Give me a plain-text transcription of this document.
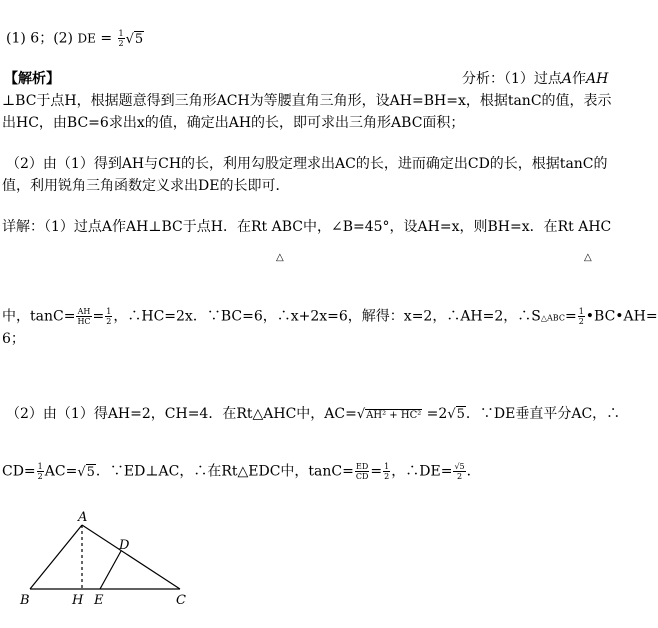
(1) 6；(2) DE = $\frac{1}{2} √5$
【解析】	分析：（1）过点A作AH
⊥BC于点H，根据题意得到三角形ACH为等腰直角三角形，设AH=BH=x，根据tanC的值，表示
出HC，由BC=6求出x的值，确定出AH的长，即可求出三角形ABC面积；
（2）由（1）得到AH与CH的长，利用勾股定理求出AC的长，进而确定出CD的长，根据tanC的
值，利用锐角三角函数定义求出DE的长即可．
详解：（1）过点A作AH⊥BC于点H．在Rt ABC中，∠B=45°，设AH=x，则BH=x．在Rt AHC
△	△
中，$\tan C= \frac{AH}{HC} = \frac{1}{2}$ ，∴HC=2x．∵BC=6，∴x+2x=6，解得：x=2，∴AH=2，∴S△ABC= $\frac{1}{2}$ •BC•AH=
6；
（2）由（1）得AH=2，CH=4．在Rt△AHC中，AC=√AH² + HC² =2√5．∵DE垂直平分AC，∴
$CD= \frac{1}{2} AC=√5$．∵ED⊥AC，∴在Rt△EDC中，$\tan C= \frac{ED}{CD} = \frac{1}{2}$ ，∴DE= $\frac{√5}{2}$ ．
A
B	C
D
E
H
